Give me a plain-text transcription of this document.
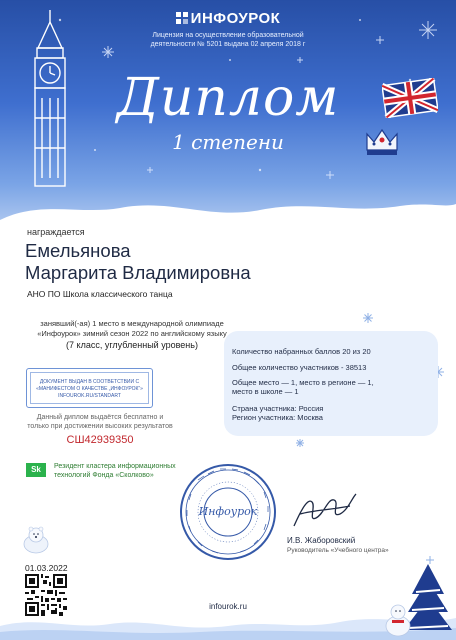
ИНФОУРОК
Лицензия на осуществление образовательной деятельности № 5201 выдана 02 апреля 2018 г
Диплом
1 степени
награждается
Емельянова
Маргарита Владимировна
АНО ПО Школа классического танца
занявший(-ая) 1 место в международной олимпиаде «Инфоурок» зимний сезон 2022 по английскому языку
(7 класс, углубленный уровень)
ДОКУМЕНТ ВЫДАН В СООТВЕТСТВИИ С «МАНИФЕСТОМ О КАЧЕСТВЕ „ИНФОУРОК“» INFOUROK.RU/STANDART
Данный диплом выдаётся бесплатно и только при достижении высоких результатов
СШ42939350
Sk	Резидент кластера информационных технологий Фонда «Сколково»
Количество набранных баллов 20 из 20
Общее количество участников - 38513
Общее место — 1, место в регионе — 1,
место в школе — 1
Страна участника: Россия
Регион участника: Москва
Инфоурок
И.В. Жаборовский
Руководитель «Учебного центра»
01.03.2022
infourok.ru
